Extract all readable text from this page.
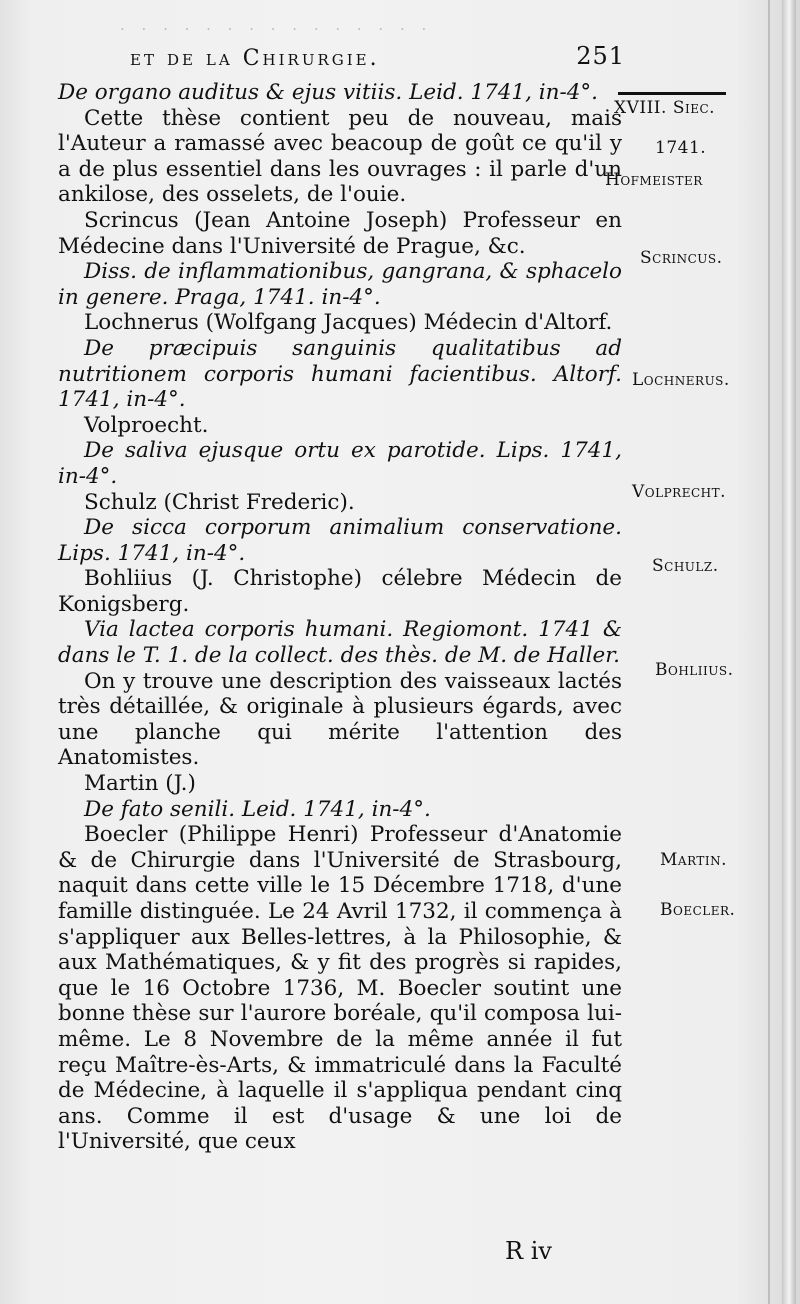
· · · · · · · · · · · · · · ·
et de la Chirurgie.	251

De organo auditus & ejus vitiis. Leid. 1741, in-4°.

Cette thèse contient peu de nouveau, mais l'Auteur a ramassé avec beacoup de goût ce qu'il y a de plus essentiel dans les ouvrages : il parle d'un ankilose, des osselets, de l'ouie.

Scrincus (Jean Antoine Joseph) Professeur en Médecine dans l'Université de Prague, &c.

Diss. de inflammationibus, gangrana, & sphacelo in genere. Praga, 1741. in-4°.

Lochnerus (Wolfgang Jacques) Médecin d'Altorf.

De præcipuis sanguinis qualitatibus ad nutritionem corporis humani facientibus. Altorf. 1741, in-4°.

Volproecht.

De saliva ejusque ortu ex parotide. Lips. 1741, in-4°.

Schulz (Christ Frederic).

De sicca corporum animalium conservatione. Lips. 1741, in-4°.

Bohliius (J. Christophe) célebre Médecin de Konigsberg.

Via lactea corporis humani. Regiomont. 1741 & dans le T. 1. de la collect. des thès. de M. de Haller.

On y trouve une description des vaisseaux lactés très détaillée, & originale à plusieurs égards, avec une planche qui mérite l'attention des Anatomistes.

Martin (J.)

De fato senili. Leid. 1741, in-4°.

Boecler (Philippe Henri) Professeur d'Anatomie & de Chirurgie dans l'Université de Strasbourg, naquit dans cette ville le 15 Décembre 1718, d'une famille distinguée. Le 24 Avril 1732, il commença à s'appliquer aux Belles-lettres, à la Philosophie, & aux Mathématiques, & y fit des progrès si rapides, que le 16 Octobre 1736, M. Boecler soutint une bonne thèse sur l'aurore boréale, qu'il composa lui-même. Le 8 Novembre de la même année il fut reçu Maître-ès-Arts, & immatriculé dans la Faculté de Médecine, à laquelle il s'appliqua pendant cinq ans. Comme il est d'usage & une loi de l'Université, que ceux

XVIII. Siec.
1741.
Hofmeister
Scrincus.
Lochnerus.
Volprecht.
Schulz.
Bohliius.
Martin.
Boecler.
R iv
